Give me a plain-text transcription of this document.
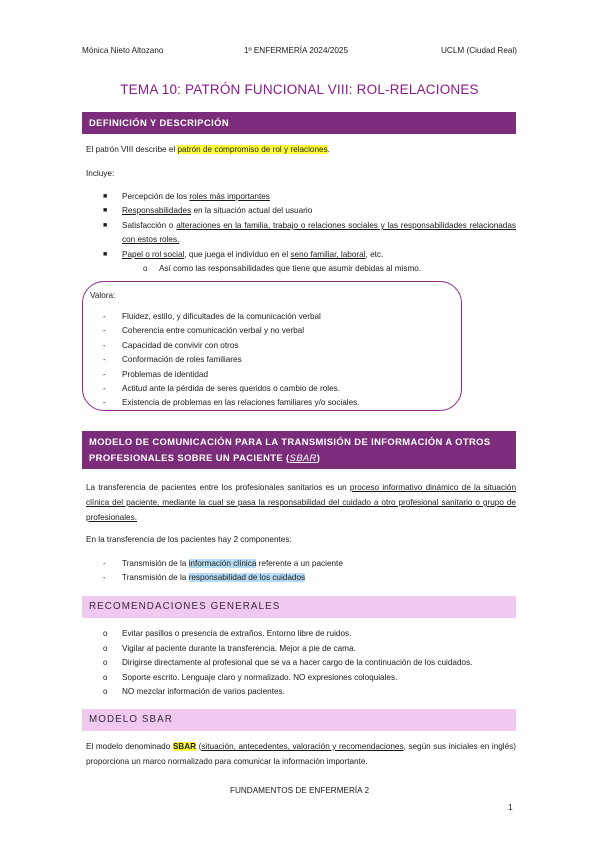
Mónica Nieto Altozano	1º ENFERMERÍA 2024/2025	UCLM (Ciudad Real)
TEMA 10: PATRÓN FUNCIONAL VIII: ROL-RELACIONES
DEFINICIÓN Y DESCRIPCIÓN
El patrón VIII describe el patrón de compromiso de rol y relaciones.
Incluye:
■ Percepción de los roles más importantes
■ Responsabilidades en la situación actual del usuario
■ Satisfacción o alteraciones en la familia, trabajo o relaciones sociales y las responsabilidades relacionadas con estos roles.
■ Papel o rol social, que juega el individuo en el seno familiar, laboral, etc.
o Así como las responsabilidades que tiene que asumir debidas al mismo.
Valora:
- Fluidez, estilo, y dificultades de la comunicación verbal
- Coherencia entre comunicación verbal y no verbal
- Capacidad de convivir con otros
- Conformación de roles familiares
- Problemas de identidad
- Actitud ante la pérdida de seres queridos o cambio de roles.
- Existencia de problemas en las relaciones familiares y/o sociales.
MODELO DE COMUNICACIÓN PARA LA TRANSMISIÓN DE INFORMACIÓN A OTROS
PROFESIONALES SOBRE UN PACIENTE (SBAR)
La transferencia de pacientes entre los profesionales sanitarios es un proceso informativo dinámico de la situación clínica del paciente, mediante la cual se pasa la responsabilidad del cuidado a otro profesional sanitario o grupo de profesionales.
En la transferencia de los pacientes hay 2 componentes:
- Transmisión de la información clínica referente a un paciente
- Transmisión de la responsabilidad de los cuidados
RECOMENDACIONES GENERALES
o Evitar pasillos o presencia de extraños. Entorno libre de ruidos.
o Vigilar al paciente durante la transferencia. Mejor a pie de cama.
o Dirigirse directamente al profesional que se va a hacer cargo de la continuación de los cuidados.
o Soporte escrito. Lenguaje claro y normalizado. NO expresiones coloquiales.
o NO mezclar información de varios pacientes.
MODELO SBAR
El modelo denominado SBAR (situación, antecedentes, valoración y recomendaciones, según sus iniciales en inglés) proporciona un marco normalizado para comunicar la información importante.
FUNDAMENTOS DE ENFERMERÍA 2
1
